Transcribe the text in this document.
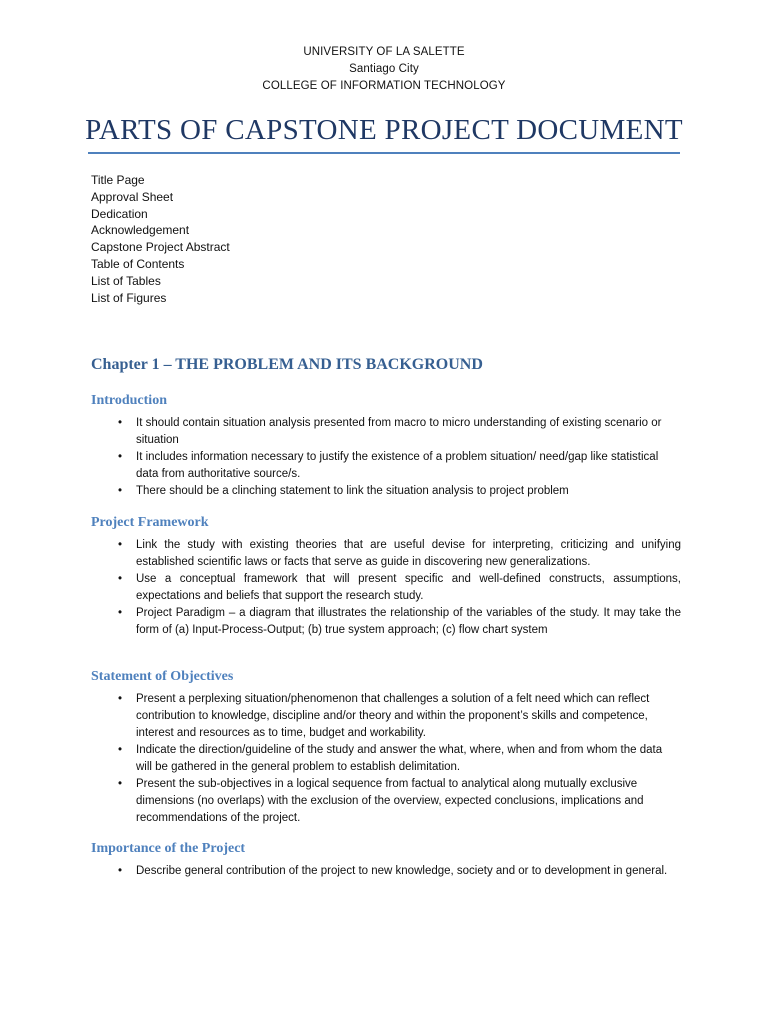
UNIVERSITY OF LA SALETTE
Santiago City
COLLEGE OF INFORMATION TECHNOLOGY
PARTS OF CAPSTONE PROJECT DOCUMENT
Title Page
Approval Sheet
Dedication
Acknowledgement
Capstone Project Abstract
Table of Contents
List of Tables
List of Figures
Chapter 1 – THE PROBLEM AND ITS BACKGROUND
Introduction
• It should contain situation analysis presented from macro to micro understanding of existing scenario or situation
• It includes information necessary to justify the existence of a problem situation/ need/gap like statistical data from authoritative source/s.
• There should be a clinching statement to link the situation analysis to project problem
Project Framework
• Link the study with existing theories that are useful devise for interpreting, criticizing and unifying established scientific laws or facts that serve as guide in discovering new generalizations.
• Use a conceptual framework that will present specific and well-defined constructs, assumptions, expectations and beliefs that support the research study.
• Project Paradigm – a diagram that illustrates the relationship of the variables of the study. It may take the form of (a) Input-Process-Output; (b) true system approach; (c) flow chart system
Statement of Objectives
• Present a perplexing situation/phenomenon that challenges a solution of a felt need which can reflect contribution to knowledge, discipline and/or theory and within the proponent’s skills and competence, interest and resources as to time, budget and workability.
• Indicate the direction/guideline of the study and answer the what, where, when and from whom the data will be gathered in the general problem to establish delimitation.
• Present the sub-objectives in a logical sequence from factual to analytical along mutually exclusive dimensions (no overlaps) with the exclusion of the overview, expected conclusions, implications and recommendations of the project.
Importance of the Project
• Describe general contribution of the project to new knowledge, society and or to development in general.
